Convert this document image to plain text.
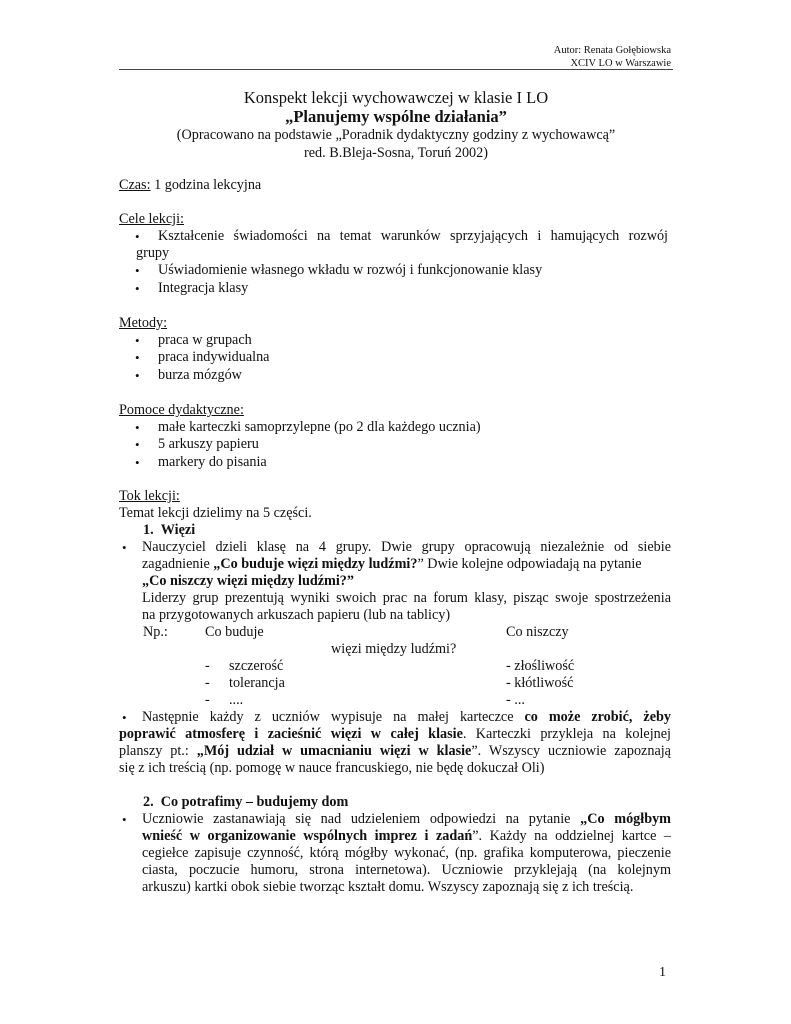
Autor: Renata Gołębiowska
XCIV LO w Warszawie
Konspekt lekcji wychowawczej w klasie I LO
„Planujemy wspólne działania”
(Opracowano na podstawie „Poradnik dydaktyczny godziny z wychowawcą”
red. B.Bleja-Sosna, Toruń 2002)
Czas: 1 godzina lekcyjna
Cele lekcji:
• Kształcenie świadomości na temat warunków sprzyjających i hamujących rozwój
grupy
• Uświadomienie własnego wkładu w rozwój i funkcjonowanie klasy
• Integracja klasy
Metody:
• praca w grupach
• praca indywidualna
• burza mózgów
Pomoce dydaktyczne:
• małe karteczki samoprzylepne (po 2 dla każdego ucznia)
• 5 arkuszy papieru
• markery do pisania
Tok lekcji:
Temat lekcji dzielimy na 5 części.
1. Więzi
• Nauczyciel dzieli klasę na 4 grupy. Dwie grupy opracowują niezależnie od siebie
zagadnienie „Co buduje więzi między ludźmi?” Dwie kolejne odpowiadają na pytanie
„Co niszczy więzi między ludźmi?”
Liderzy grup prezentują wyniki swoich prac na forum klasy, pisząc swoje spostrzeżenia
na przygotowanych arkuszach papieru (lub na tablicy)
Np.:	Co buduje	Co niszczy
więzi między ludźmi?
- szczerość	- złośliwość
- tolerancja	- kłótliwość
- ....	- ...
• Następnie każdy z uczniów wypisuje na małej karteczce co może zrobić, żeby
poprawić atmosferę i zacieśnić więzi w całej klasie. Karteczki przykleja na kolejnej
planszy pt.: „Mój udział w umacnianiu więzi w klasie”. Wszyscy uczniowie zapoznają
się z ich treścią (np. pomogę w nauce francuskiego, nie będę dokuczał Oli)
2. Co potrafimy – budujemy dom
• Uczniowie zastanawiają się nad udzieleniem odpowiedzi na pytanie „Co mógłbym
wnieść w organizowanie wspólnych imprez i zadań”. Każdy na oddzielnej kartce –
cegiełce zapisuje czynność, którą mógłby wykonać, (np. grafika komputerowa, pieczenie
ciasta, poczucie humoru, strona internetowa). Uczniowie przyklejają (na kolejnym
arkuszu) kartki obok siebie tworząc kształt domu. Wszyscy zapoznają się z ich treścią.
1
